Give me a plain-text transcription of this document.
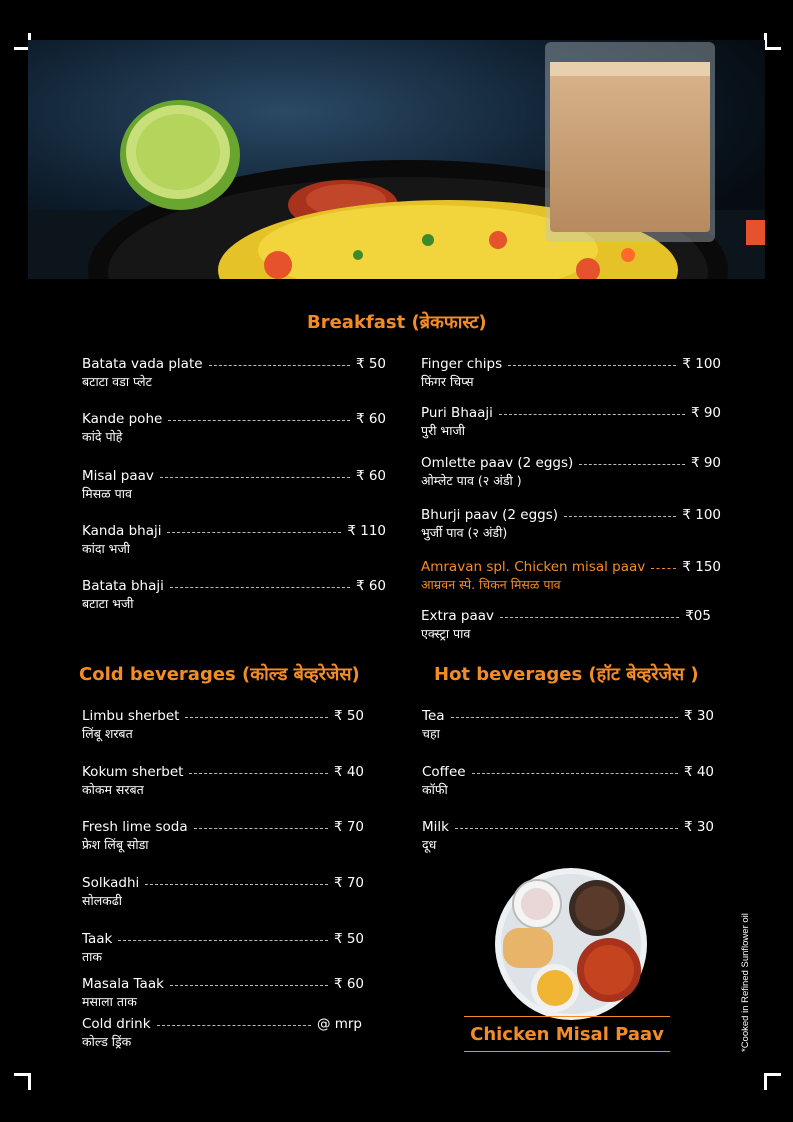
Breakfast (ब्रेकफास्ट)
Batata vada plate	₹ 50
बटाटा वडा प्लेट
Kande pohe	₹ 60
कांदे पोहे
Misal paav	₹ 60
मिसळ पाव
Kanda bhaji	₹ 110
कांदा भजी
Batata bhaji	₹ 60
बटाटा भजी
Finger chips	₹ 100
फिंगर चिप्स
Puri Bhaaji	₹ 90
पुरी भाजी
Omlette paav (2 eggs)	₹ 90
ओम्लेट पाव (२ अंडी )
Bhurji paav (2 eggs)	₹ 100
भुर्जी पाव (२ अंडी)
Amravan spl. Chicken misal paav	₹ 150
आम्रवन स्पे. चिकन मिसळ पाव
Extra paav	₹05
एक्स्ट्रा पाव
Cold beverages (कोल्ड बेव्हरेजेस)
Limbu sherbet	₹ 50
लिंबू शरबत
Kokum sherbet	₹ 40
कोकम सरबत
Fresh lime soda	₹ 70
फ्रेश लिंबू सोडा
Solkadhi	₹ 70
सोलकढी
Taak	₹ 50
ताक
Masala Taak	₹ 60
मसाला ताक
Cold drink	@ mrp
कोल्ड ड्रिंक
Hot beverages (हॉट बेव्हरेजेस )
Tea	₹ 30
चहा
Coffee	₹ 40
कॉफी
Milk	₹ 30
दूध
Chicken Misal Paav	*Cooked in Refined Sunflower oil
